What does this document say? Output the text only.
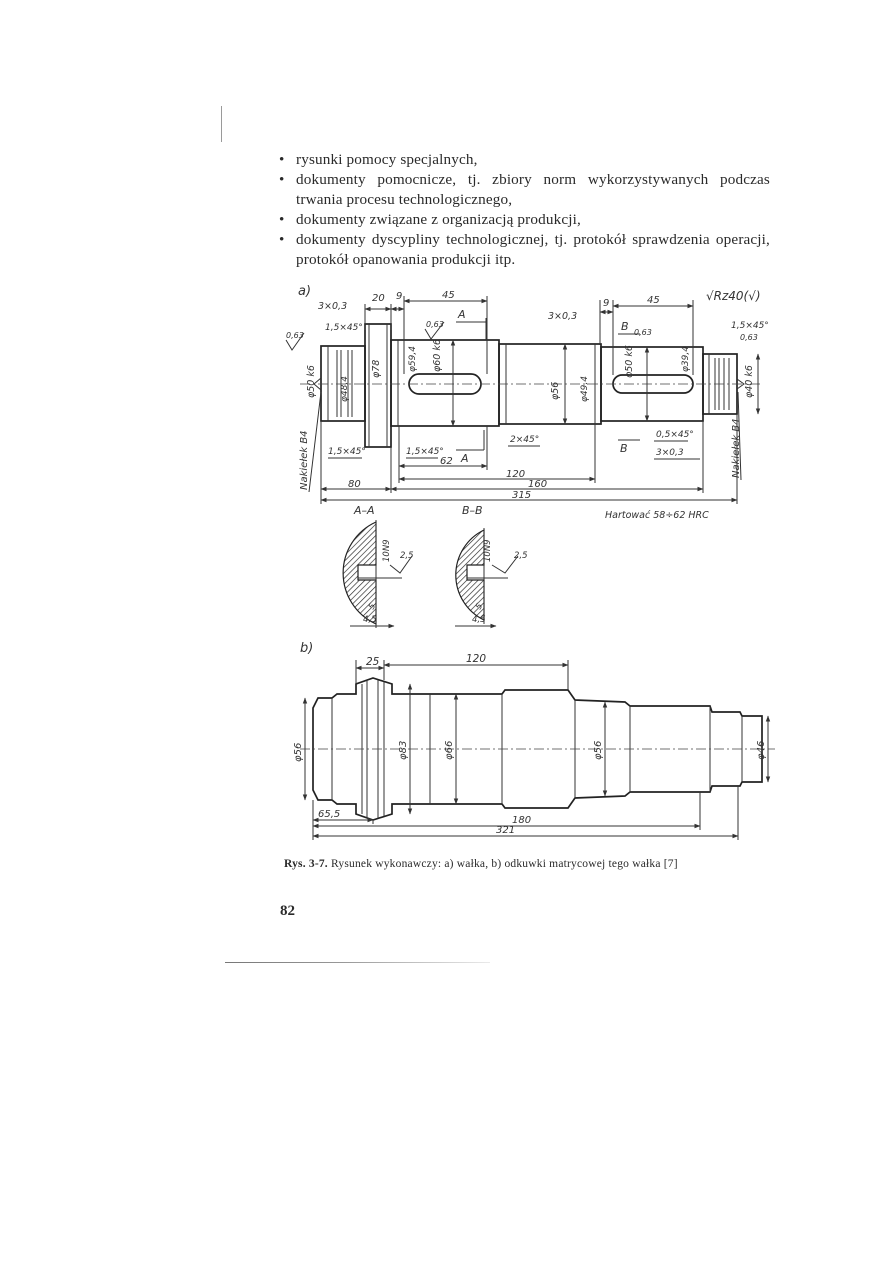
• rysunki pomocy specjalnych,
• dokumenty pomocnicze, tj. zbiory norm wykorzystywanych podczas trwania procesu technologicznego,
• dokumenty związane z organizacją produkcji,
• dokumenty dyscypliny technologicznej, tj. protokół sprawdzenia operacji, protokół opanowania produkcji itp.
a)
3×0,3
20 9	45
9	45
3×0,3
1,5×45°	1,5×45°
0,63
0,63
0,63
0,63
A
B
√Rz40(√)
φ50 k6	φ48,4
φ78	φ59,4 φ60 k6
φ56 φ49,4
φ50 k6	φ39,4
φ40 k6
Nakiełek B4	Nakiełek B4
1,5×45°	1,5×45°
2×45°	0,5×45°
3×0,3
A
B
62
120
80	160
315
Hartować 58÷62 HRC
A–A	B–B
10N9 2,5
5
4,5
10N9 2,5
5
4,5
b)
25	120
φ56	φ83	φ66	φ56	φ46
65,5
180
321
Rys. 3-7. Rysunek wykonawczy: a) wałka, b) odkuwki matrycowej tego wałka [7]
82
